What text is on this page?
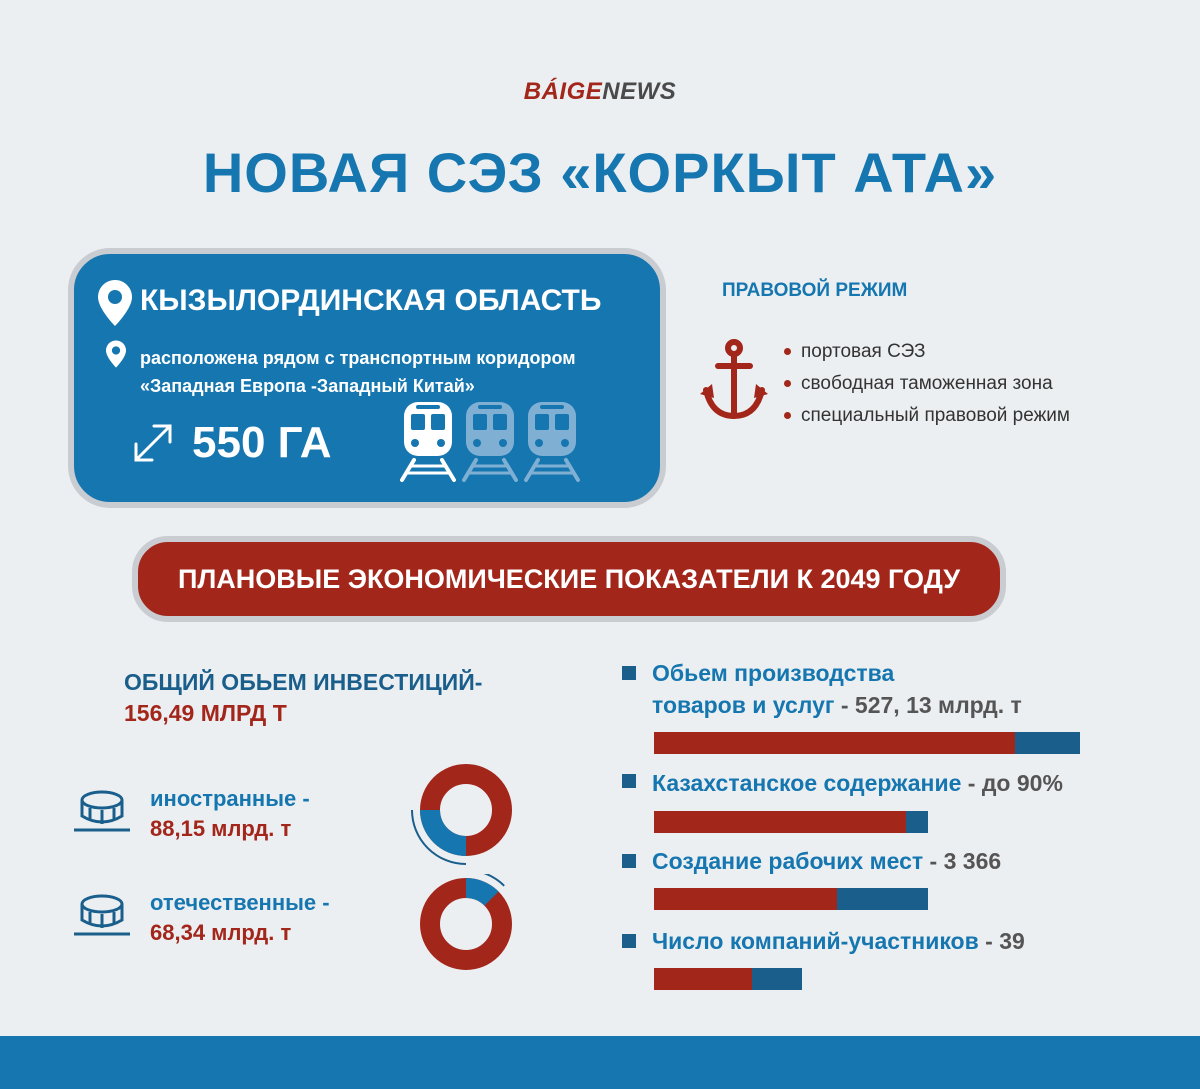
BÁIGENEWS
НОВАЯ СЭЗ «КОРКЫТ АТА»
КЫЗЫЛОРДИНСКАЯ ОБЛАСТЬ
расположена рядом с транспортным коридором
«Западная Европа -Западный Китай»
550 ГА
ПРАВОВОЙ РЕЖИМ
портовая СЭЗ
свободная таможенная зона
специальный правовой режим
ПЛАНОВЫЕ ЭКОНОМИЧЕСКИЕ ПОКАЗАТЕЛИ К 2049 ГОДУ
ОБЩИЙ ОБЬЕМ ИНВЕСТИЦИЙ-
156,49 МЛРД Т
иностранные -
88,15 млрд. т
отечественные -
68,34 млрд. т
Обьем производства
товаров и услуг - 527, 13 млрд. т
Казахстанское содержание - до 90%
Создание рабочих мест - 3 366
Число компаний-участников - 39
